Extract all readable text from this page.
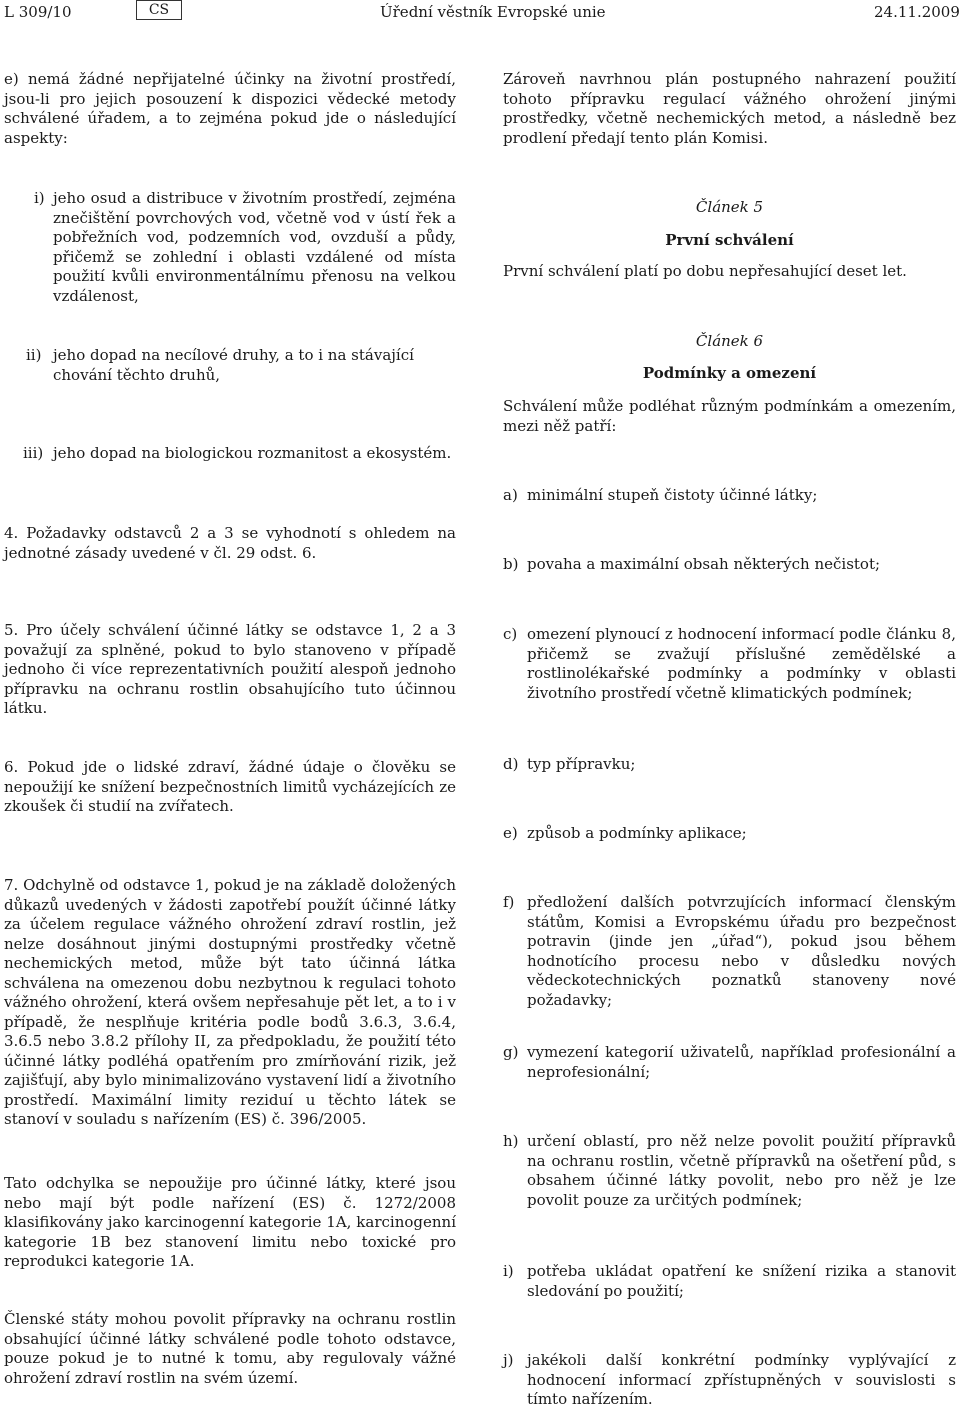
L 309/10	CS	Úřední věstník Evropské unie	24.11.2009

e) nemá žádné nepřijatelné účinky na životní prostředí, jsou-li pro jejich posouzení k dispozici vědecké metody schválené úřadem, a to zejména pokud jde o následující aspekty:

i) jeho osud a distribuce v životním prostředí, zejména znečištění povrchových vod, včetně vod v ústí řek a pobřežních vod, podzemních vod, ovzduší a půdy, přičemž se zohlední i oblasti vzdálené od místa použití kvůli environmentálnímu přenosu na velkou vzdálenost,
ii) jeho dopad na necílové druhy, a to i na stávající chování těchto druhů,
iii) jeho dopad na biologickou rozmanitost a ekosystém.
4. Požadavky odstavců 2 a 3 se vyhodnotí s ohledem na jednotné zásady uvedené v čl. 29 odst. 6.
5. Pro účely schválení účinné látky se odstavce 1, 2 a 3 považují za splněné, pokud to bylo stanoveno v případě jednoho či více reprezentativních použití alespoň jednoho přípravku na ochranu rostlin obsahujícího tuto účinnou látku.
6. Pokud jde o lidské zdraví, žádné údaje o člověku se nepoužijí ke snížení bezpečnostních limitů vycházejících ze zkoušek či studií na zvířatech.
7. Odchylně od odstavce 1, pokud je na základě doložených důkazů uvedených v žádosti zapotřebí použít účinné látky za účelem regulace vážného ohrožení zdraví rostlin, jež nelze dosáhnout jinými dostupnými prostředky včetně nechemických metod, může být tato účinná látka schválena na omezenou dobu nezbytnou k regulaci tohoto vážného ohrožení, která ovšem nepřesahuje pět let, a to i v případě, že nesplňuje kritéria podle bodů 3.6.3, 3.6.4, 3.6.5 nebo 3.8.2 přílohy II, za předpokladu, že použití této účinné látky podléhá opatřením pro zmírňování rizik, jež zajišťují, aby bylo minimalizováno vystavení lidí a životního prostředí. Maximální limity reziduí u těchto látek se stanoví v souladu s nařízením (ES) č. 396/2005.
Tato odchylka se nepoužije pro účinné látky, které jsou nebo mají být podle nařízení (ES) č. 1272/2008 klasifikovány jako karcinogenní kategorie 1A, karcinogenní kategorie 1B bez stanovení limitu nebo toxické pro reprodukci kategorie 1A.
Členské státy mohou povolit přípravky na ochranu rostlin obsahující účinné látky schválené podle tohoto odstavce, pouze pokud je to nutné k tomu, aby regulovaly vážné ohrožení zdraví rostlin na svém území.
Zároveň navrhnou plán postupného nahrazení použití tohoto přípravku regulací vážného ohrožení jinými prostředky, včetně nechemických metod, a následně bez prodlení předají tento plán Komisi.
Článek 5
První schválení
První schválení platí po dobu nepřesahující deset let.
Článek 6
Podmínky a omezení
Schválení může podléhat různým podmínkám a omezením, mezi něž patří:
a) minimální stupeň čistoty účinné látky;
b) povaha a maximální obsah některých nečistot;
c) omezení plynoucí z hodnocení informací podle článku 8, přičemž se zvažují příslušné zemědělské a rostlinolékařské podmínky a podmínky v oblasti životního prostředí včetně klimatických podmínek;
d) typ přípravku;
e) způsob a podmínky aplikace;
f) předložení dalších potvrzujících informací členským státům, Komisi a Evropskému úřadu pro bezpečnost potravin (jinde jen „úřad“), pokud jsou během hodnotícího procesu nebo v důsledku nových vědeckotechnických poznatků stanoveny nové požadavky;
g) vymezení kategorií uživatelů, například profesionální a neprofesionální;
h) určení oblastí, pro něž nelze povolit použití přípravků na ochranu rostlin, včetně přípravků na ošetření půd, s obsahem účinné látky povolit, nebo pro něž je lze povolit pouze za určitých podmínek;
i) potřeba ukládat opatření ke snížení rizika a stanovit sledování po použití;
j) jakékoli další konkrétní podmínky vyplývající z hodnocení informací zpřístupněných v souvislosti s tímto nařízením.
